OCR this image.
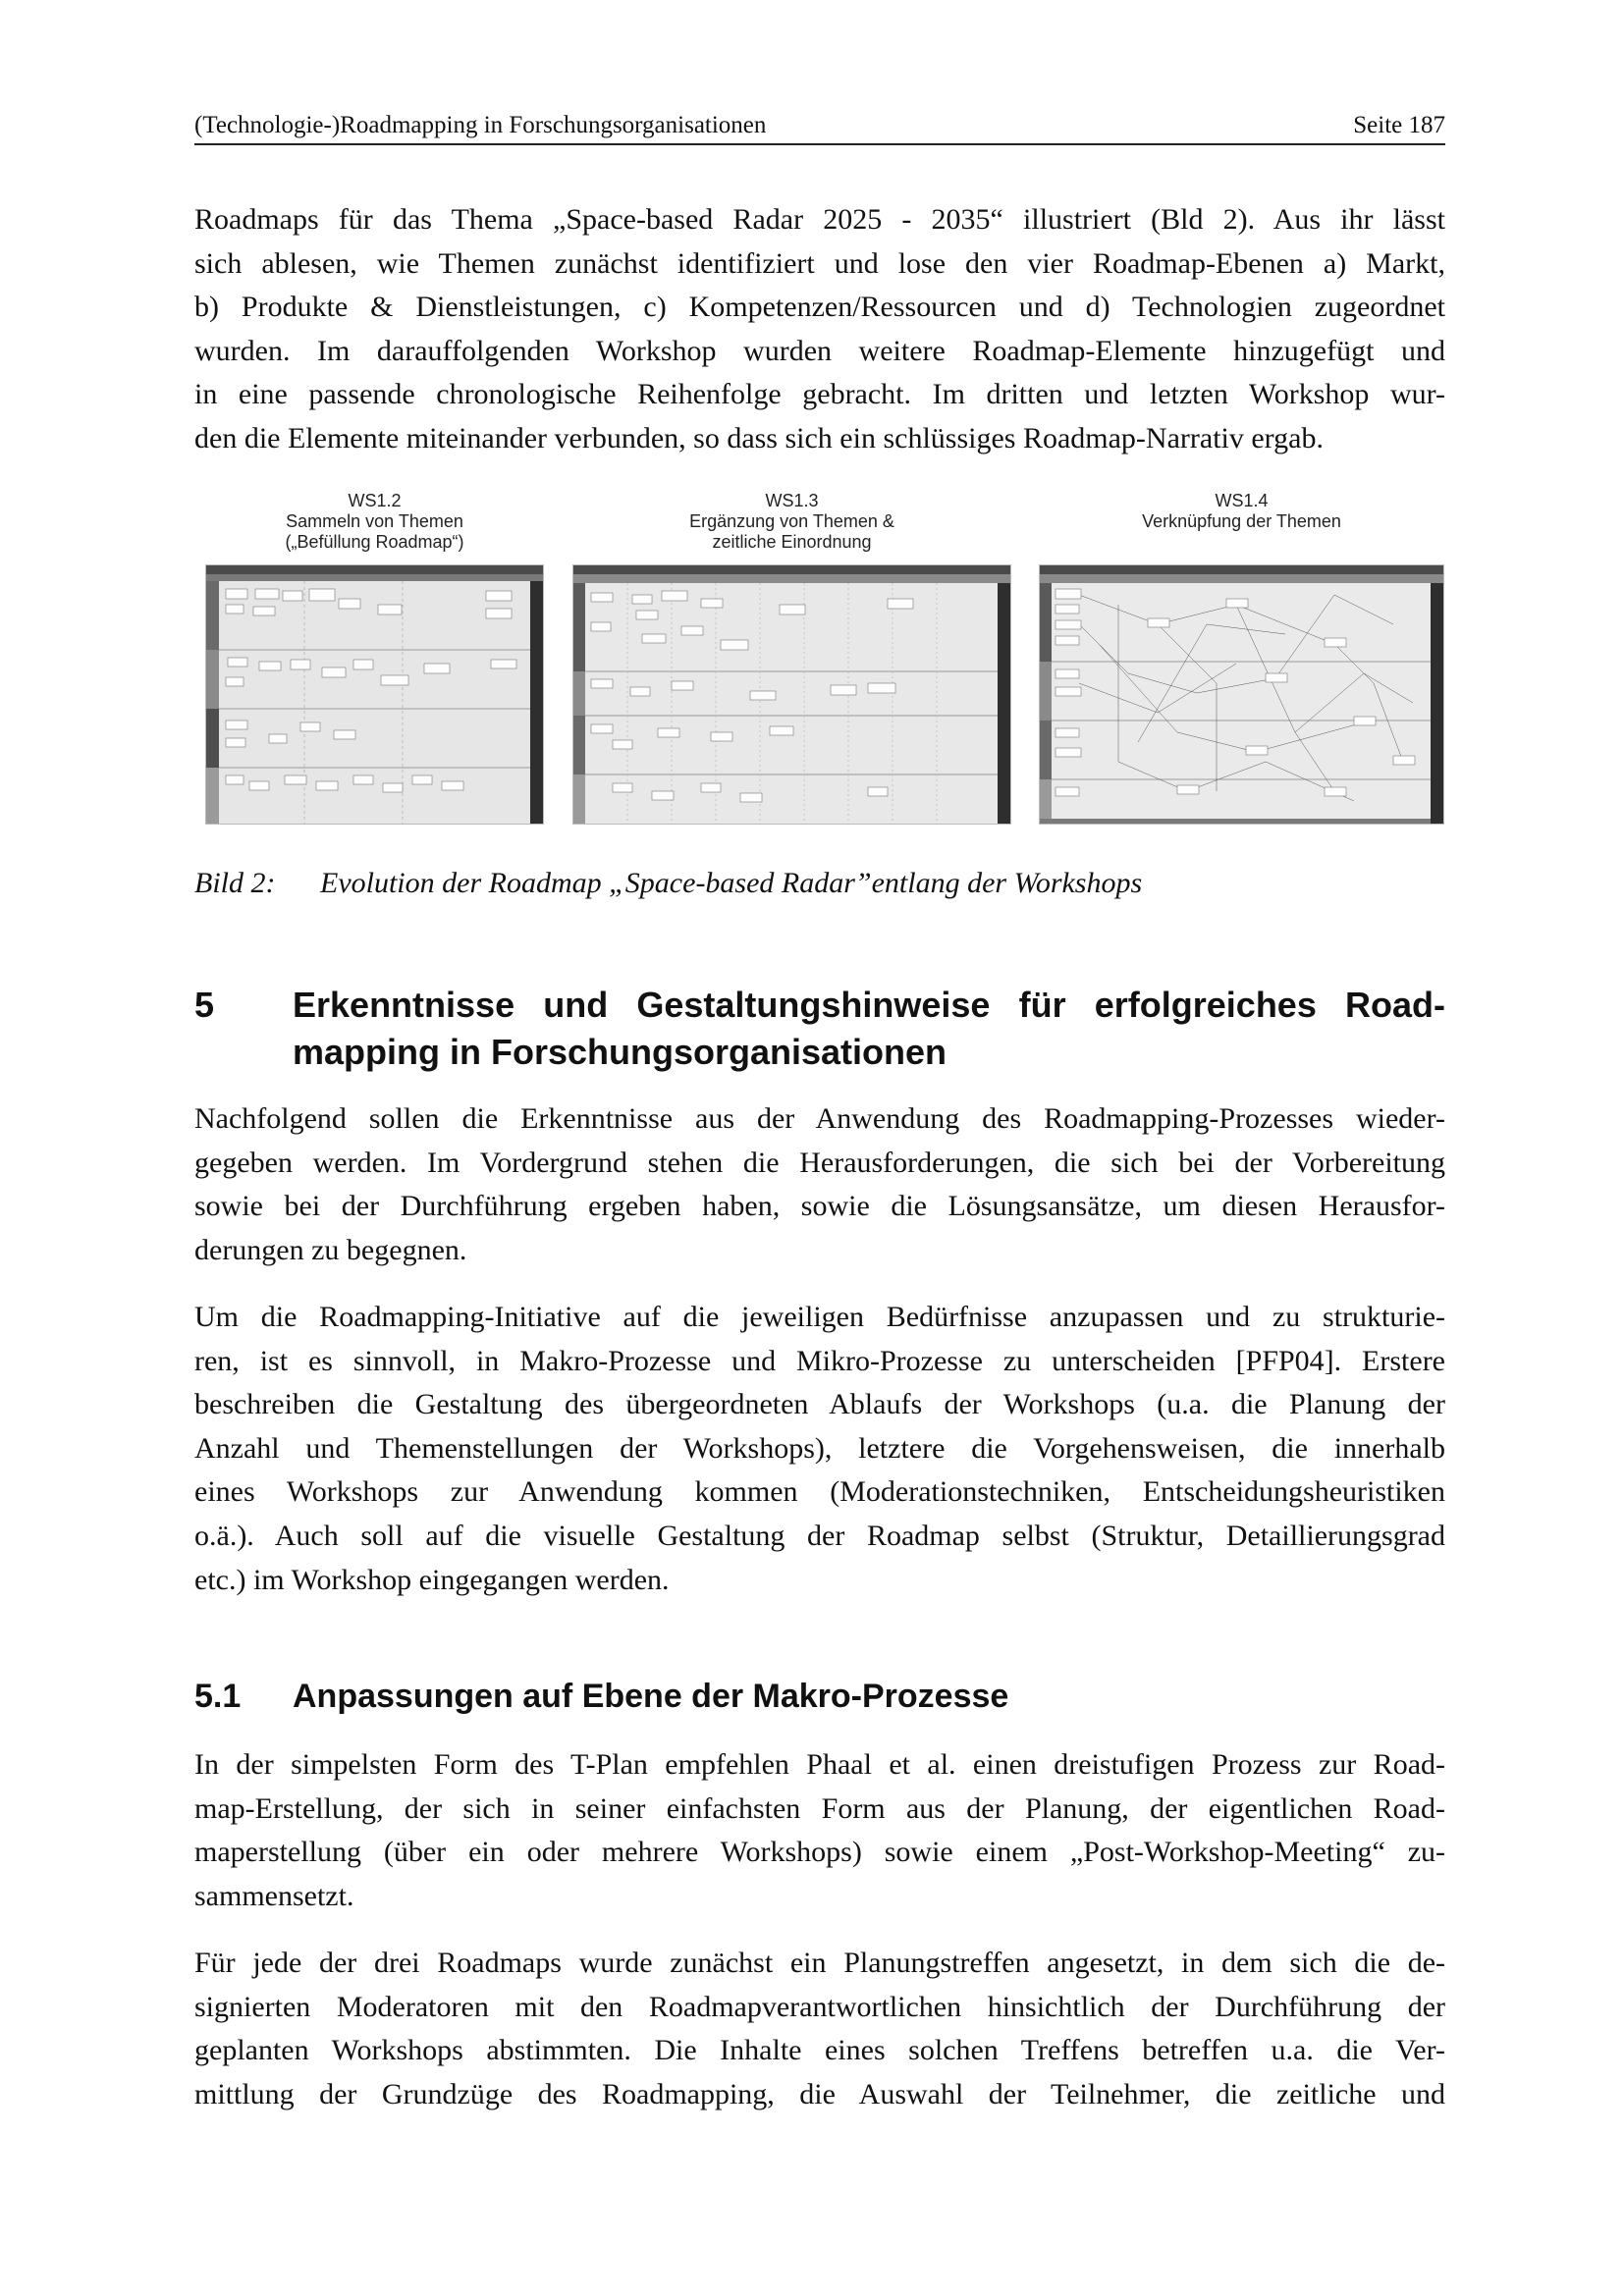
(Technologie-)Roadmapping in Forschungsorganisationen	Seite 187

Roadmaps für das Thema „Space-based Radar 2025 - 2035“ illustriert (Bld 2). Aus ihr lässt
sich ablesen, wie Themen zunächst identifiziert und lose den vier Roadmap-Ebenen a) Markt,
b) Produkte & Dienstleistungen, c) Kompetenzen/Ressourcen und d) Technologien zugeordnet
wurden. Im darauffolgenden Workshop wurden weitere Roadmap-Elemente hinzugefügt und
in eine passende chronologische Reihenfolge gebracht. Im dritten und letzten Workshop wur-
den die Elemente miteinander verbunden, so dass sich ein schlüssiges Roadmap-Narrativ ergab.

WS1.2
Sammeln von Themen
(„Befüllung Roadmap“)
WS1.3
Ergänzung von Themen &
zeitliche Einordnung
WS1.4
Verknüpfung der Themen
Bild 2: Evolution der Roadmap „Space-based Radar”entlang der Workshops
5 Erkenntnisse und Gestaltungshinweise für erfolgreiches Road-
mapping in Forschungsorganisationen

Nachfolgend sollen die Erkenntnisse aus der Anwendung des Roadmapping-Prozesses wieder-
gegeben werden. Im Vordergrund stehen die Herausforderungen, die sich bei der Vorbereitung
sowie bei der Durchführung ergeben haben, sowie die Lösungsansätze, um diesen Herausfor-
derungen zu begegnen.

Um die Roadmapping-Initiative auf die jeweiligen Bedürfnisse anzupassen und zu strukturie-
ren, ist es sinnvoll, in Makro-Prozesse und Mikro-Prozesse zu unterscheiden [PFP04]. Erstere
beschreiben die Gestaltung des übergeordneten Ablaufs der Workshops (u.a. die Planung der
Anzahl und Themenstellungen der Workshops), letztere die Vorgehensweisen, die innerhalb
eines Workshops zur Anwendung kommen (Moderationstechniken, Entscheidungsheuristiken
o.ä.). Auch soll auf die visuelle Gestaltung der Roadmap selbst (Struktur, Detaillierungsgrad
etc.) im Workshop eingegangen werden.

5.1 Anpassungen auf Ebene der Makro-Prozesse

In der simpelsten Form des T-Plan empfehlen Phaal et al. einen dreistufigen Prozess zur Road-
map-Erstellung, der sich in seiner einfachsten Form aus der Planung, der eigentlichen Road-
maperstellung (über ein oder mehrere Workshops) sowie einem „Post-Workshop-Meeting“ zu-
sammensetzt.

Für jede der drei Roadmaps wurde zunächst ein Planungstreffen angesetzt, in dem sich die de-
signierten Moderatoren mit den Roadmapverantwortlichen hinsichtlich der Durchführung der
geplanten Workshops abstimmten. Die Inhalte eines solchen Treffens betreffen u.a. die Ver-
mittlung der Grundzüge des Roadmapping, die Auswahl der Teilnehmer, die zeitliche und
